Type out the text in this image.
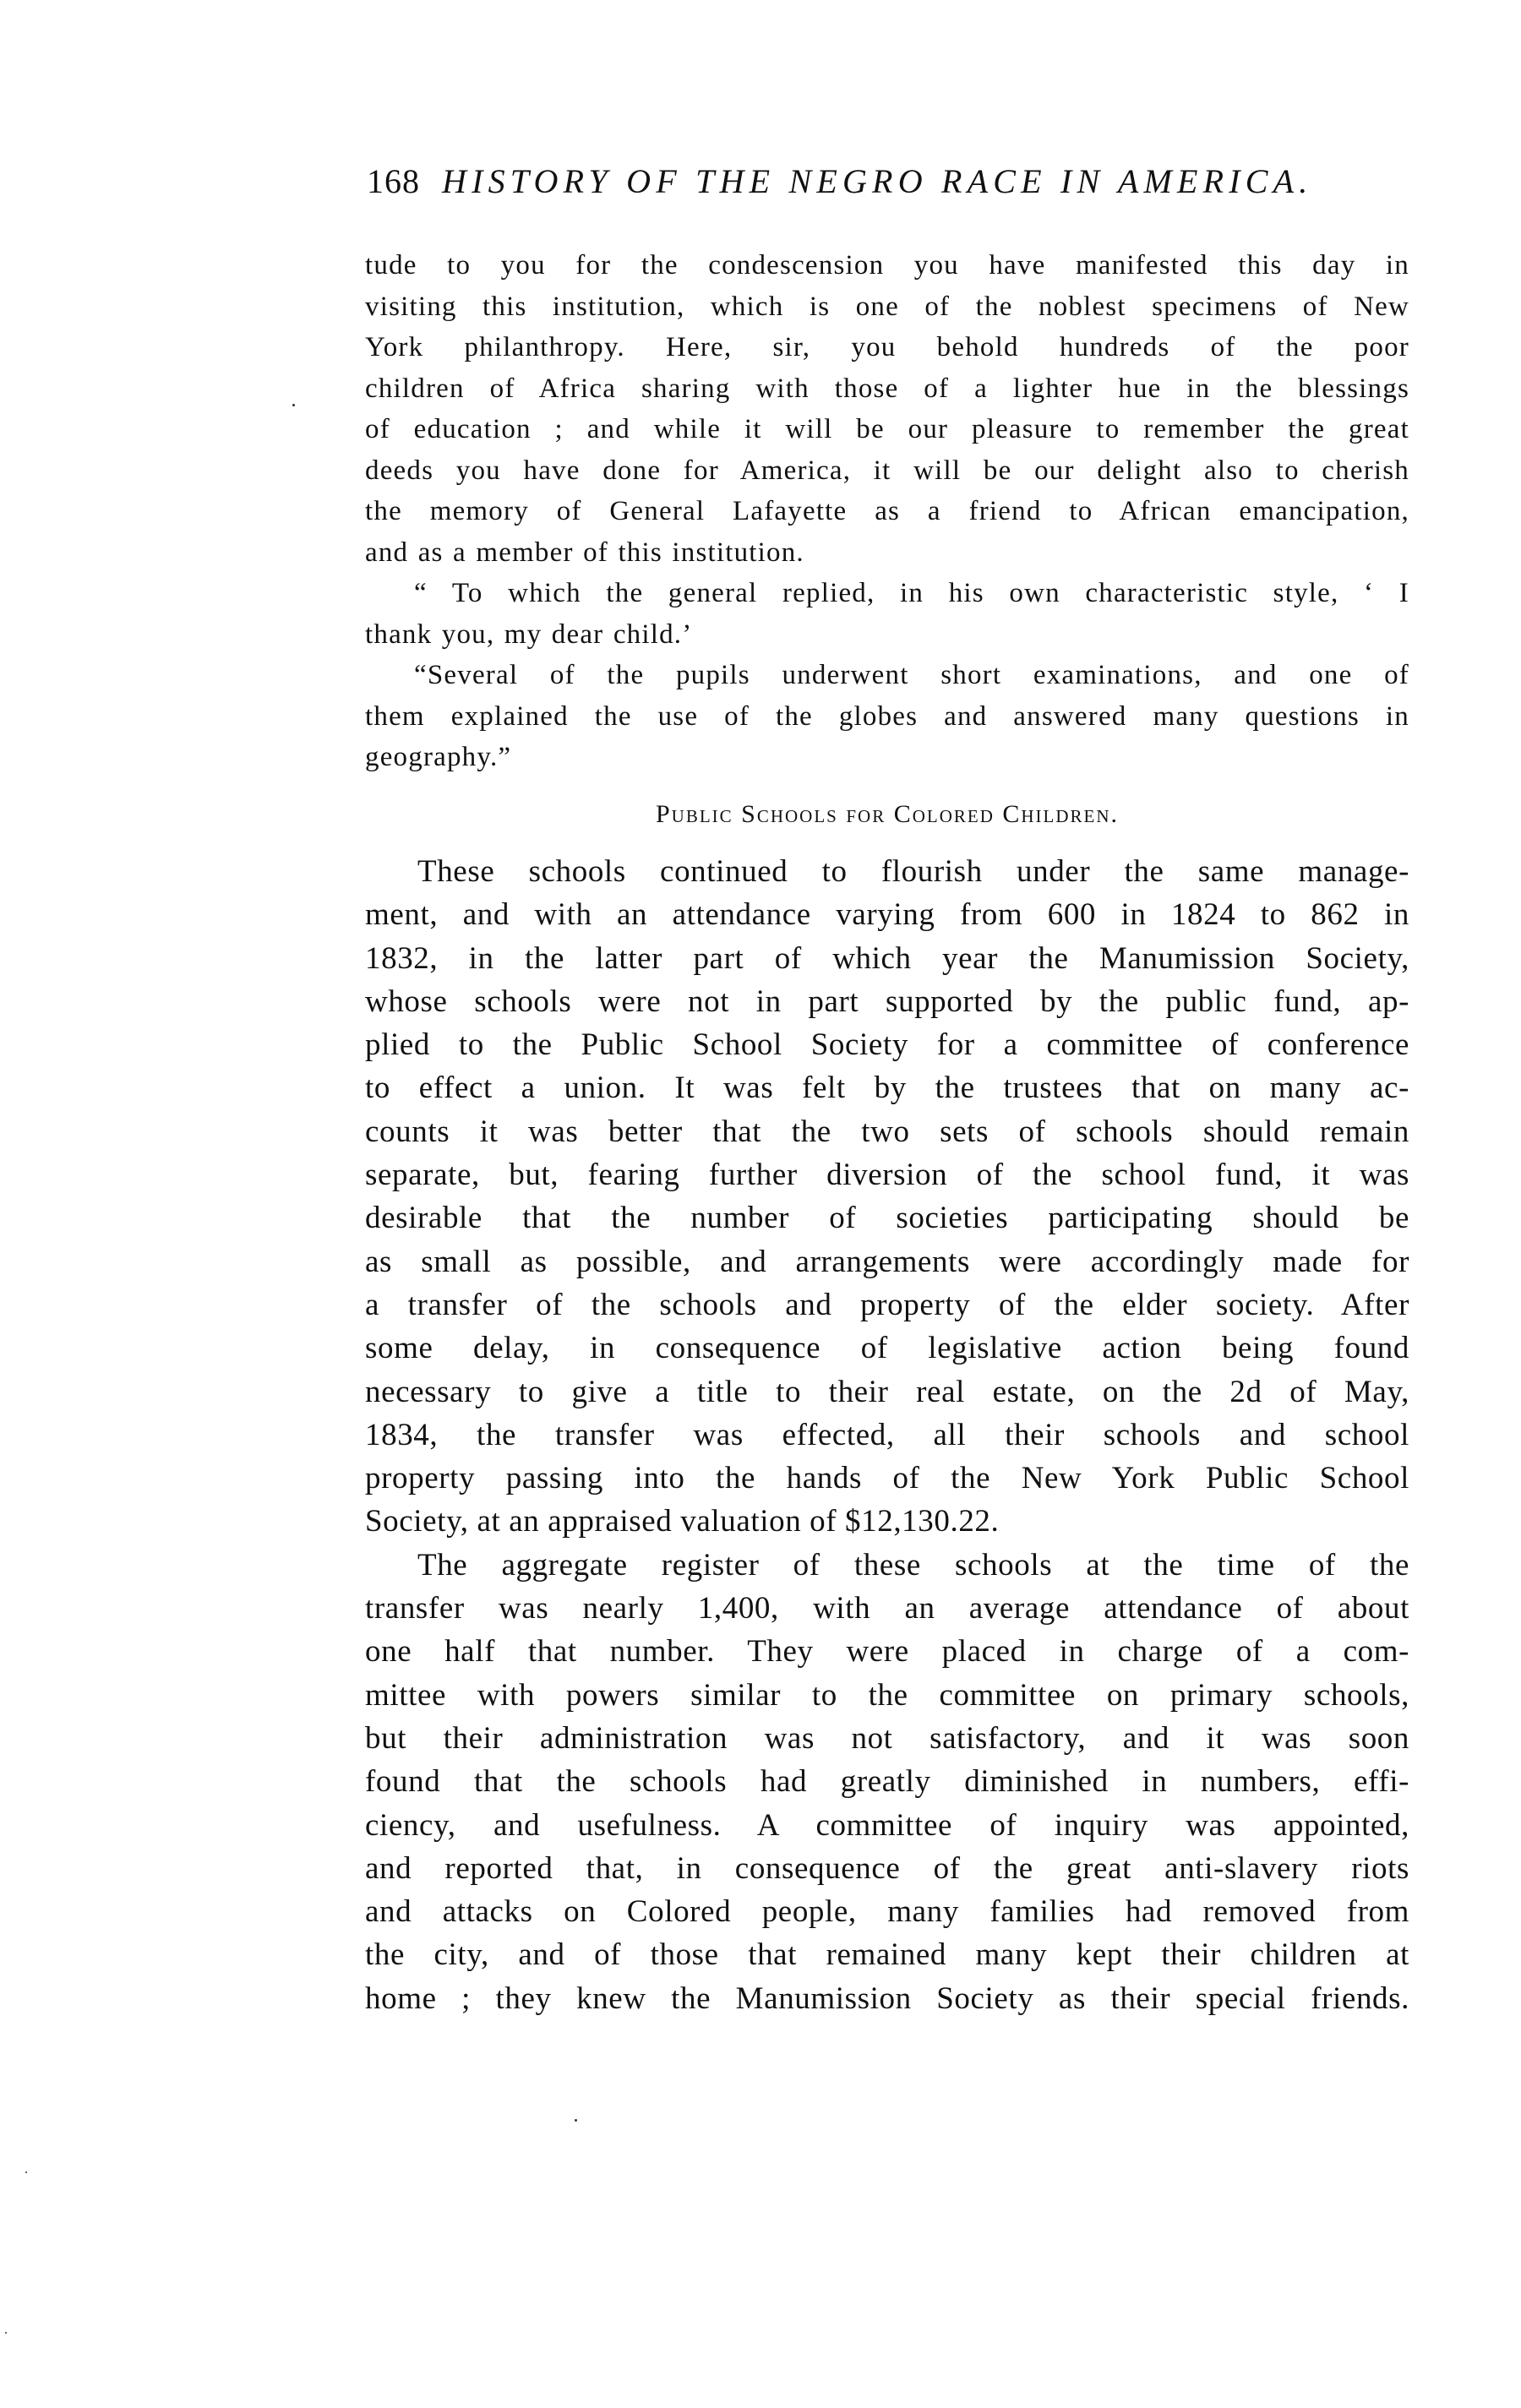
168 HISTORY OF THE NEGRO RACE IN AMERICA.
tude to you for the condescension you have manifested this day in
visiting this institution, which is one of the noblest specimens of New
York philanthropy. Here, sir, you behold hundreds of the poor
children of Africa sharing with those of a lighter hue in the blessings
of education ; and while it will be our pleasure to remember the great
deeds you have done for America, it will be our delight also to cherish
the memory of General Lafayette as a friend to African emancipation,
and as a member of this institution.
“ To which the general replied, in his own characteristic style, ‘ I
thank you, my dear child.’
“Several of the pupils underwent short examinations, and one of
them explained the use of the globes and answered many questions in
geography.”
Public Schools for Colored Children.
These schools continued to flourish under the same manage-
ment, and with an attendance varying from 600 in 1824 to 862 in
1832, in the latter part of which year the Manumission Society,
whose schools were not in part supported by the public fund, ap-
plied to the Public School Society for a committee of conference
to effect a union. It was felt by the trustees that on many ac-
counts it was better that the two sets of schools should remain
separate, but, fearing further diversion of the school fund, it was
desirable that the number of societies participating should be
as small as possible, and arrangements were accordingly made for
a transfer of the schools and property of the elder society. After
some delay, in consequence of legislative action being found
necessary to give a title to their real estate, on the 2d of May,
1834, the transfer was effected, all their schools and school
property passing into the hands of the New York Public School
Society, at an appraised valuation of $12,130.22.
The aggregate register of these schools at the time of the
transfer was nearly 1,400, with an average attendance of about
one half that number. They were placed in charge of a com-
mittee with powers similar to the committee on primary schools,
but their administration was not satisfactory, and it was soon
found that the schools had greatly diminished in numbers, effi-
ciency, and usefulness. A committee of inquiry was appointed,
and reported that, in consequence of the great anti-slavery riots
and attacks on Colored people, many families had removed from
the city, and of those that remained many kept their children at
home ; they knew the Manumission Society as their special friends.
